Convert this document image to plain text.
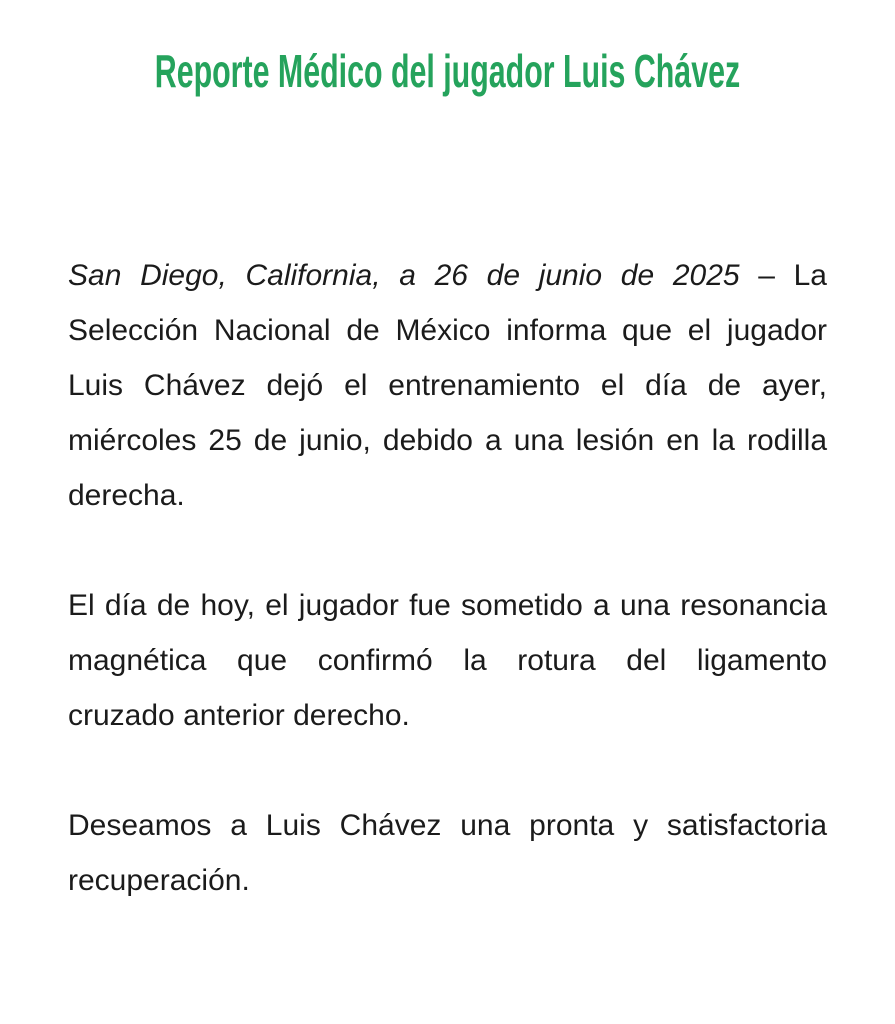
Reporte Médico del jugador Luis Chávez
San Diego, California, a 26 de junio de 2025 – La
Selección Nacional de México informa que el jugador
Luis Chávez dejó el entrenamiento el día de ayer,
miércoles 25 de junio, debido a una lesión en la rodilla
derecha.
El día de hoy, el jugador fue sometido a una resonancia
magnética que confirmó la rotura del ligamento
cruzado anterior derecho.
Deseamos a Luis Chávez una pronta y satisfactoria
recuperación.
